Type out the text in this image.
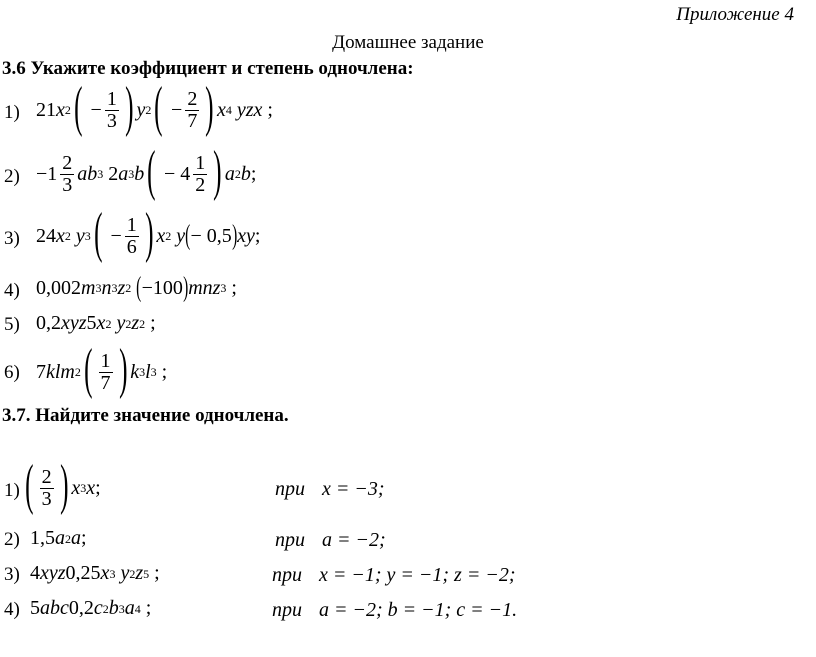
Приложение 4
Домашнее задание
3.6 Укажите коэффициент и степень одночлена:
1) 21 x 2 ( − $\frac{1}{3}$ ) y 2 ( − $\frac{2}{7}$ ) x 4
yzx ;
$2) -1 \frac{2}{3}$ ab 3 2 a 3 b ( − $4 \frac{1}{2}$ ) a 2 b ;
3) 24 x 2
y 3 ( − $\frac{1}{6}$ ) x 2
y ( − 0,5 ) xy ;
4) 0,002 m 3 n 3 z 2
( −100 ) mnz 3 ;
5) 0,2 xyz 5 x 2
y 2 z 2 ;
6) 7 klm 2 ( $\frac{1}{7}$ ) k 3 l 3 ;
3.7. Найдите значение одночлена.
1) ( $\frac{2}{3}$ ) x 3 x ;	при x = −3;
2) 1,5 a 2 a ;	при a = −2;
3) 4 xyz 0,25 x 3
y 2 z 5 ;	при x = −1; y = −1; z = −2;
4) 5 abc 0,2 c 2 b 3 a 4 ;	при a = −2; b = −1; c = −1.
